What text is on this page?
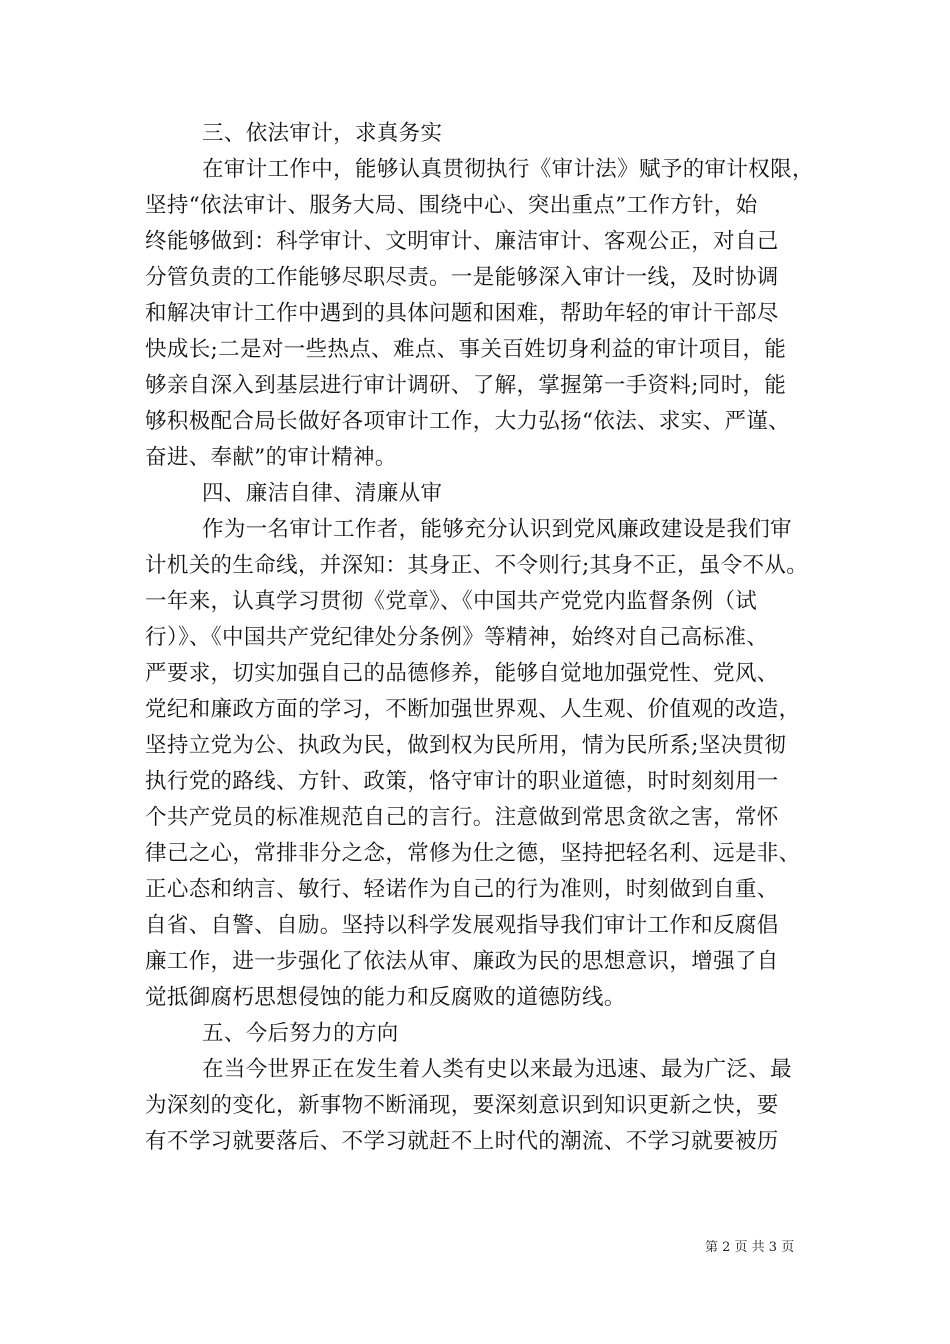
三、依法审计，求真务实
在审计工作中，能够认真贯彻执行《审计法》赋予的审计权限，
坚持“依法审计、服务大局、围绕中心、突出重点”工作方针，始
终能够做到：科学审计、文明审计、廉洁审计、客观公正，对自己
分管负责的工作能够尽职尽责。一是能够深入审计一线，及时协调
和解决审计工作中遇到的具体问题和困难，帮助年轻的审计干部尽
快成长;二是对一些热点、难点、事关百姓切身利益的审计项目，能
够亲自深入到基层进行审计调研、了解，掌握第一手资料;同时，能
够积极配合局长做好各项审计工作，大力弘扬“依法、求实、严谨、
奋进、奉献”的审计精神。
四、廉洁自律、清廉从审
作为一名审计工作者，能够充分认识到党风廉政建设是我们审
计机关的生命线，并深知：其身正、不令则行;其身不正，虽令不从。
一年来，认真学习贯彻《党章》、《中国共产党党内监督条例（试
行）》、《中国共产党纪律处分条例》等精神，始终对自己高标准、
严要求，切实加强自己的品德修养，能够自觉地加强党性、党风、
党纪和廉政方面的学习，不断加强世界观、人生观、价值观的改造，
坚持立党为公、执政为民，做到权为民所用，情为民所系;坚决贯彻
执行党的路线、方针、政策，恪守审计的职业道德，时时刻刻用一
个共产党员的标准规范自己的言行。注意做到常思贪欲之害，常怀
律己之心，常排非分之念，常修为仕之德，坚持把轻名利、远是非、
正心态和纳言、敏行、轻诺作为自己的行为准则，时刻做到自重、
自省、自警、自励。坚持以科学发展观指导我们审计工作和反腐倡
廉工作，进一步强化了依法从审、廉政为民的思想意识，增强了自
觉抵御腐朽思想侵蚀的能力和反腐败的道德防线。
五、今后努力的方向
在当今世界正在发生着人类有史以来最为迅速、最为广泛、最
为深刻的变化，新事物不断涌现，要深刻意识到知识更新之快，要
有不学习就要落后、不学习就赶不上时代的潮流、不学习就要被历
第 2 页 共 3 页
